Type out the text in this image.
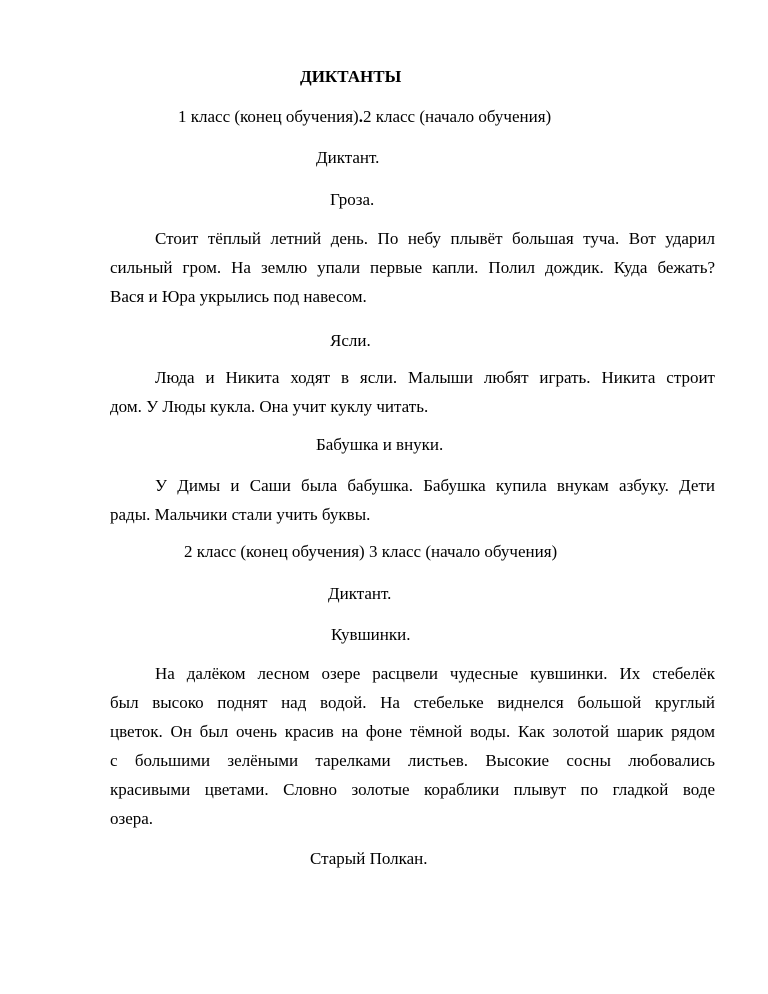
ДИКТАНТЫ
1 класс (конец обучения).2 класс (начало обучения)
Диктант.
Гроза.
Стоит тёплый летний день. По небу плывёт большая туча. Вот ударил
сильный гром. На землю упали первые капли. Полил дождик. Куда бежать?
Вася и Юра укрылись под навесом.
Ясли.
Люда и Никита ходят в ясли. Малыши любят играть. Никита строит
дом. У Люды кукла. Она учит куклу читать.
Бабушка и внуки.
У Димы и Саши была бабушка. Бабушка купила внукам азбуку. Дети
рады. Мальчики стали учить буквы.
2 класс (конец обучения) 3 класс (начало обучения)
Диктант.
Кувшинки.
На далёком лесном озере расцвели чудесные кувшинки. Их стебелёк
был высоко поднят над водой. На стебельке виднелся большой круглый
цветок. Он был очень красив на фоне тёмной воды. Как золотой шарик рядом
с большими зелёными тарелками листьев. Высокие сосны любовались
красивыми цветами. Словно золотые кораблики плывут по гладкой воде
озера.
Старый Полкан.
